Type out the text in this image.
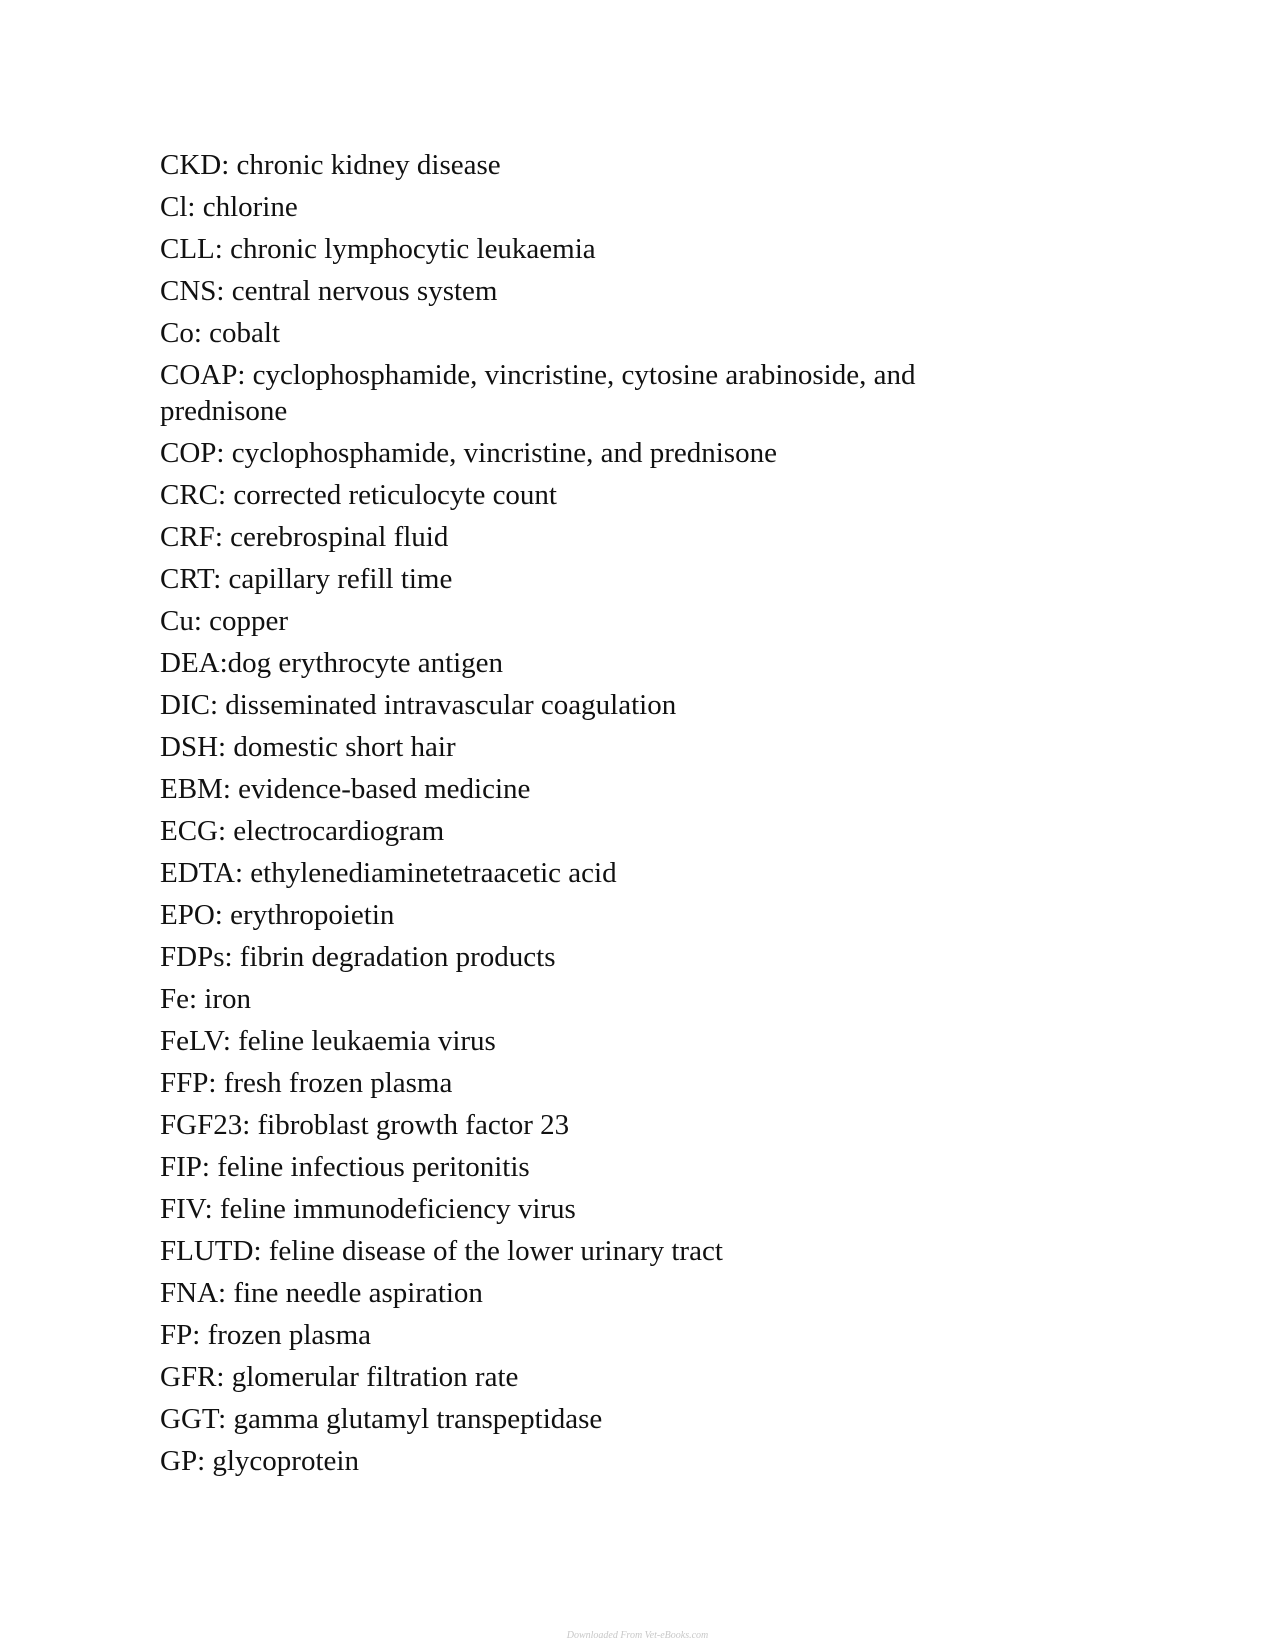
CKD: chronic kidney disease
Cl: chlorine
CLL: chronic lymphocytic leukaemia
CNS: central nervous system
Co: cobalt
COAP: cyclophosphamide, vincristine, cytosine arabinoside, and prednisone
COP: cyclophosphamide, vincristine, and prednisone
CRC: corrected reticulocyte count
CRF: cerebrospinal fluid
CRT: capillary refill time
Cu: copper
DEA:dog erythrocyte antigen
DIC: disseminated intravascular coagulation
DSH: domestic short hair
EBM: evidence-based medicine
ECG: electrocardiogram
EDTA: ethylenediaminetetraacetic acid
EPO: erythropoietin
FDPs: fibrin degradation products
Fe: iron
FeLV: feline leukaemia virus
FFP: fresh frozen plasma
FGF23: fibroblast growth factor 23
FIP: feline infectious peritonitis
FIV: feline immunodeficiency virus
FLUTD: feline disease of the lower urinary tract
FNA: fine needle aspiration
FP: frozen plasma
GFR: glomerular filtration rate
GGT: gamma glutamyl transpeptidase
GP: glycoprotein
Downloaded From Vet-eBooks.com
